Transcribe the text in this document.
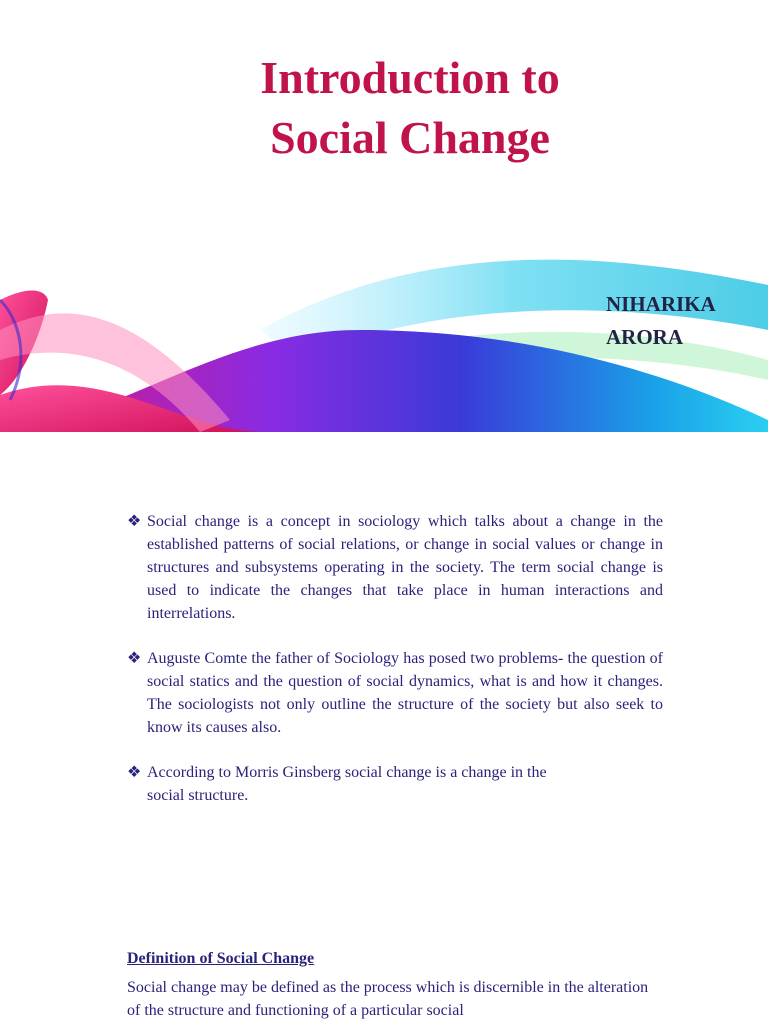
Introduction to
Social Change
NIHARIKA
ARORA
❖ Social change is a concept in sociology which talks about a change in the established patterns of social relations, or change in social values or change in structures and subsystems operating in the society. The term social change is used to indicate the changes that take place in human interactions and interrelations.
❖ Auguste Comte the father of Sociology has posed two problems- the question of social statics and the question of social dynamics, what is and how it changes. The sociologists not only outline the structure of the society but also seek to know its causes also.
❖ According to Morris Ginsberg social change is a change in the
social structure.
Definition of Social Change
Social change may be defined as the process which is discernible in the alteration of the structure and functioning of a particular social
